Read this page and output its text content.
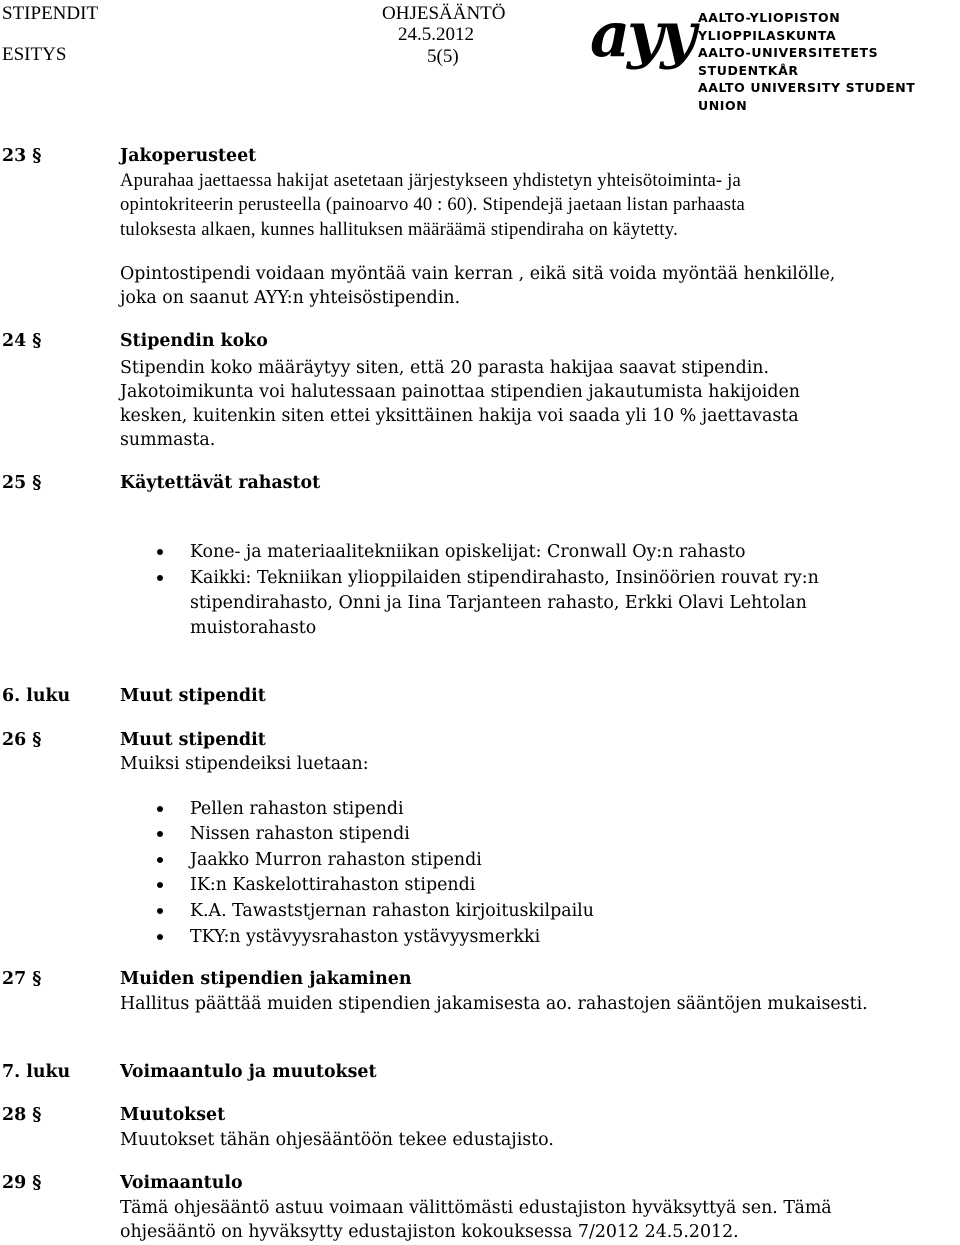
STIPENDIT
ESITYS
OHJESÄÄNTÖ
24.5.2012
5(5) ayy AALTO-YLIOPISTON YLIOPPILASKUNTA
AALTO-UNIVERSITETETS STUDENTKÅR
AALTO UNIVERSITY STUDENT UNION
23 §	Jakoperusteet
Apurahaa jaettaessa hakijat asetetaan järjestykseen yhdistetyn yhteisötoiminta- ja
opintokriteerin perusteella (painoarvo 40 : 60). Stipendejä jaetaan listan parhaasta
tuloksesta alkaen, kunnes hallituksen määräämä stipendiraha on käytetty.
Opintostipendi voidaan myöntää vain kerran , eikä sitä voida myöntää henkilölle,
joka on saanut AYY:n yhteisöstipendin.
24 §	Stipendin koko
Stipendin koko määräytyy siten, että 20 parasta hakijaa saavat stipendin.
Jakotoimikunta voi halutessaan painottaa stipendien jakautumista hakijoiden
kesken, kuitenkin siten ettei yksittäinen hakija voi saada yli 10 % jaettavasta
summasta.
25 §	Käytettävät rahastot
Kone- ja materiaalitekniikan opiskelijat: Cronwall Oy:n rahasto
Kaikki: Tekniikan ylioppilaiden stipendirahasto, Insinöörien rouvat ry:n
stipendirahasto, Onni ja Iina Tarjanteen rahasto, Erkki Olavi Lehtolan
muistorahasto
6. luku	Muut stipendit
26 §	Muut stipendit
Muiksi stipendeiksi luetaan:
Pellen rahaston stipendi
Nissen rahaston stipendi
Jaakko Murron rahaston stipendi
IK:n Kaskelottirahaston stipendi
K.A. Tawaststjernan rahaston kirjoituskilpailu
TKY:n ystävyysrahaston ystävyysmerkki
27 §	Muiden stipendien jakaminen
Hallitus päättää muiden stipendien jakamisesta ao. rahastojen sääntöjen mukaisesti.
7. luku	Voimaantulo ja muutokset
28 §	Muutokset
Muutokset tähän ohjesääntöön tekee edustajisto.
29 §	Voimaantulo
Tämä ohjesääntö astuu voimaan välittömästi edustajiston hyväksyttyä sen. Tämä
ohjesääntö on hyväksytty edustajiston kokouksessa 7/2012 24.5.2012.
